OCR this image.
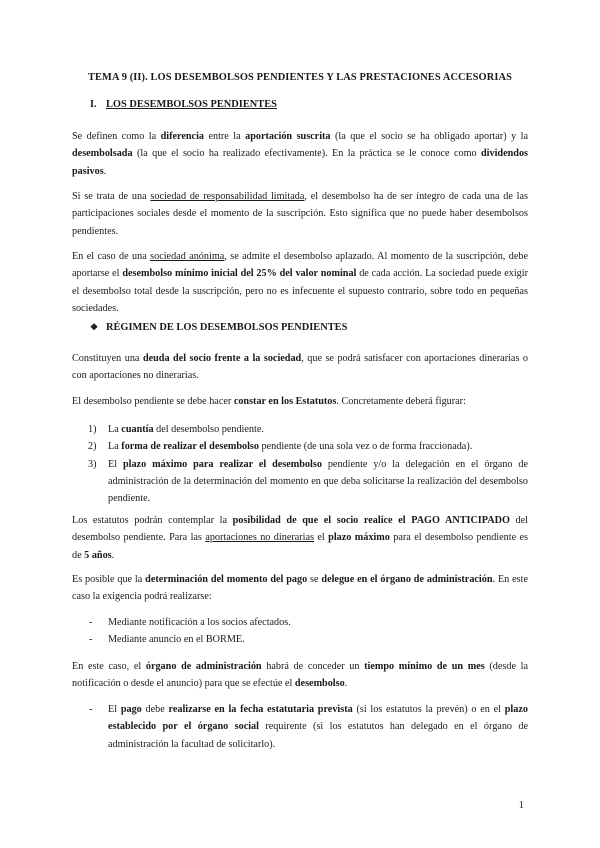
TEMA 9 (II). LOS DESEMBOLSOS PENDIENTES Y LAS PRESTACIONES ACCESORIAS
I. LOS DESEMBOLSOS PENDIENTES

Se definen como la diferencia entre la aportación suscrita (la que el socio se ha obligado aportar) y la desembolsada (la que el socio ha realizado efectivamente). En la práctica se le conoce como dividendos pasivos.

Si se trata de una sociedad de responsabilidad limitada, el desembolso ha de ser íntegro de cada una de las participaciones sociales desde el momento de la suscripción. Esto significa que no puede haber desembolsos pendientes.

En el caso de una sociedad anónima, se admite el desembolso aplazado. Al momento de la suscripción, debe aportarse el desembolso mínimo inicial del 25% del valor nominal de cada acción. La sociedad puede exigir el desembolso total desde la suscripción, pero no es infecuente el supuesto contrario, sobre todo en pequeñas sociedades.

❖ RÉGIMEN DE LOS DESEMBOLSOS PENDIENTES

Constituyen una deuda del socio frente a la sociedad, que se podrá satisfacer con aportaciones dinerarias o con aportaciones no dinerarias.

El desembolso pendiente se debe hacer constar en los Estatutos. Concretamente deberá figurar:

1) La cuantía del desembolso pendiente.
2) La forma de realizar el desembolso pendiente (de una sola vez o de forma fraccionada).
3) El plazo máximo para realizar el desembolso pendiente y/o la delegación en el órgano de administración de la determinación del momento en que deba solicitarse la realización del desembolso pendiente.

Los estatutos podrán contemplar la posibilidad de que el socio realice el PAGO ANTICIPADO del desembolso pendiente. Para las aportaciones no dinerarias el plazo máximo para el desembolso pendiente es de 5 años.

Es posible que la determinación del momento del pago se delegue en el órgano de administración. En este caso la exigencia podrá realizarse:

- Mediante notificación a los socios afectados.
- Mediante anuncio en el BORME.

En este caso, el órgano de administración habrá de conceder un tiempo mínimo de un mes (desde la notificación o desde el anuncio) para que se efectúe el desembolso.

- El pago debe realizarse en la fecha estatutaria prevista (si los estatutos la prevén) o en el plazo establecido por el órgano social requirente (si los estatutos han delegado en el órgano de administración la facultad de solicitarlo).
1
